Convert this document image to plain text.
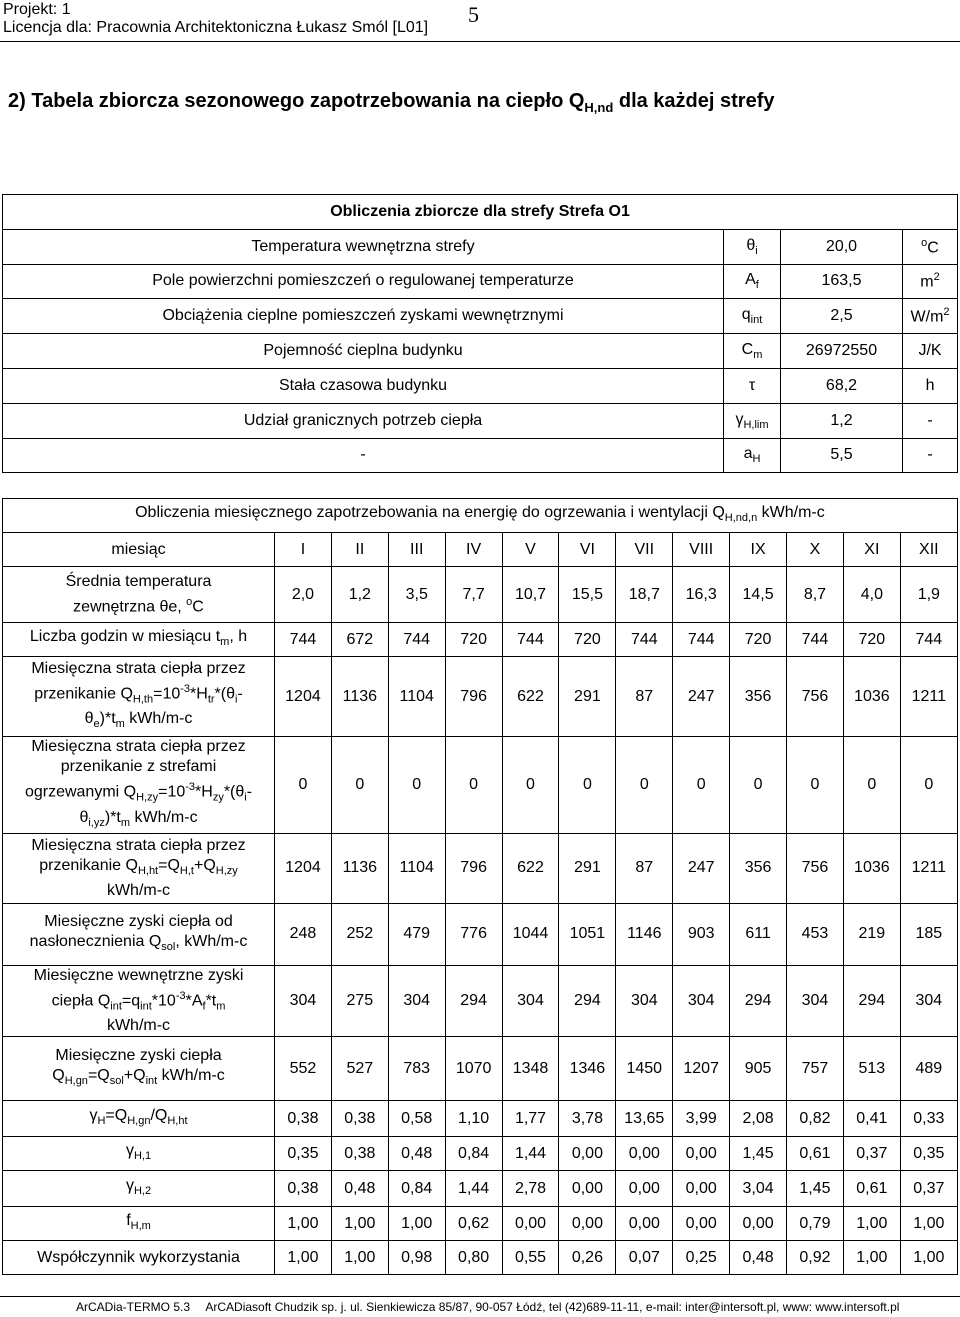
Projekt: 1
Licencja dla: Pracownia Architektoniczna Łukasz Smól [L01]
5
2) Tabela zbiorcza sezonowego zapotrzebowania na ciepło $Q_{H,nd}$ dla każdej strefy
Obliczenia zbiorcze dla strefy Strefa O1			
Temperatura wewnętrzna strefy	$\theta_i$	20,0	$^o$C
Pole powierzchni pomieszczeń o regulowanej temperaturze	$A_f$	163,5	$m^2$
Obciążenia cieplne pomieszczeń zyskami wewnętrznymi	$q_{int}$	2,5	$W/m^2$
Pojemność cieplna budynku	$C_m$	26972550	J/K
Stała czasowa budynku	τ	68,2	h
Udział granicznych potrzeb ciepła	$\gamma_{H,lim}$	1,2	-
-	$a_H$	5,5	-
Obliczenia miesięcznego zapotrzebowania na energię do ogrzewania i wentylacji $Q_{H,nd,n}$ kWh/m-c												
miesiąc	I	II	III	IV	V	VI	VII	VIII	IX	X	XI	XII
Średnia temperatura
zewnętrzna θe, $^o$C	2,0	1,2	3,5	7,7	10,7	15,5	18,7	16,3	14,5	8,7	4,0	1,9
Liczba godzin w miesiącu $t_m$, h	744	672	744	720	744	720	744	744	720	744	720	744
Miesięczna strata ciepła przez
przenikanie $Q_{H,th}=10^{-3}*H_{tr}*(\theta_i-$
$\theta_e)*t_m$ kWh/m-c	1204	1136	1104	796	622	291	87	247	356	756	1036	1211
Miesięczna strata ciepła przez
przenikanie z strefami
ogrzewanymi $Q_{H,zy}=10^{-3}*H_{zy}*(\theta_i-$
$\theta_{i,yz})*t_m$ kWh/m-c	0	0	0	0	0	0	0	0	0	0	0	0
Miesięczna strata ciepła przez
przenikanie $Q_{H,ht}=Q_{H,t}+Q_{H,zy}$
kWh/m-c	1204	1136	1104	796	622	291	87	247	356	756	1036	1211
Miesięczne zyski ciepła od
nasłonecznienia $Q_{sol}$, kWh/m-c	248	252	479	776	1044	1051	1146	903	611	453	219	185
Miesięczne wewnętrzne zyski
ciepła $Q_{int}=q_{int}*10^{-3}*A_f*t_m$
kWh/m-c	304	275	304	294	304	294	304	304	294	304	294	304
Miesięczne zyski ciepła
$Q_{H,gn}=Q_{sol}+Q_{int}$ kWh/m-c	552	527	783	1070	1348	1346	1450	1207	905	757	513	489
$\gamma_H=Q_{H,gn}/Q_{H,ht}$	0,38	0,38	0,58	1,10	1,77	3,78	13,65	3,99	2,08	0,82	0,41	0,33
$\gamma_{H,1}$	0,35	0,38	0,48	0,84	1,44	0,00	0,00	0,00	1,45	0,61	0,37	0,35
$\gamma_{H,2}$	0,38	0,48	0,84	1,44	2,78	0,00	0,00	0,00	3,04	1,45	0,61	0,37
$f_{H,m}$	1,00	1,00	1,00	0,62	0,00	0,00	0,00	0,00	0,00	0,79	1,00	1,00
Współczynnik wykorzystania	1,00	1,00	0,98	0,80	0,55	0,26	0,07	0,25	0,48	0,92	1,00	1,00
ArCADia-TERMO 5.3 ArCADiasoft Chudzik sp. j. ul. Sienkiewicza 85/87, 90-057 Łódź, tel (42)689-11-11, e-mail: inter@intersoft.pl, www: www.intersoft.pl
